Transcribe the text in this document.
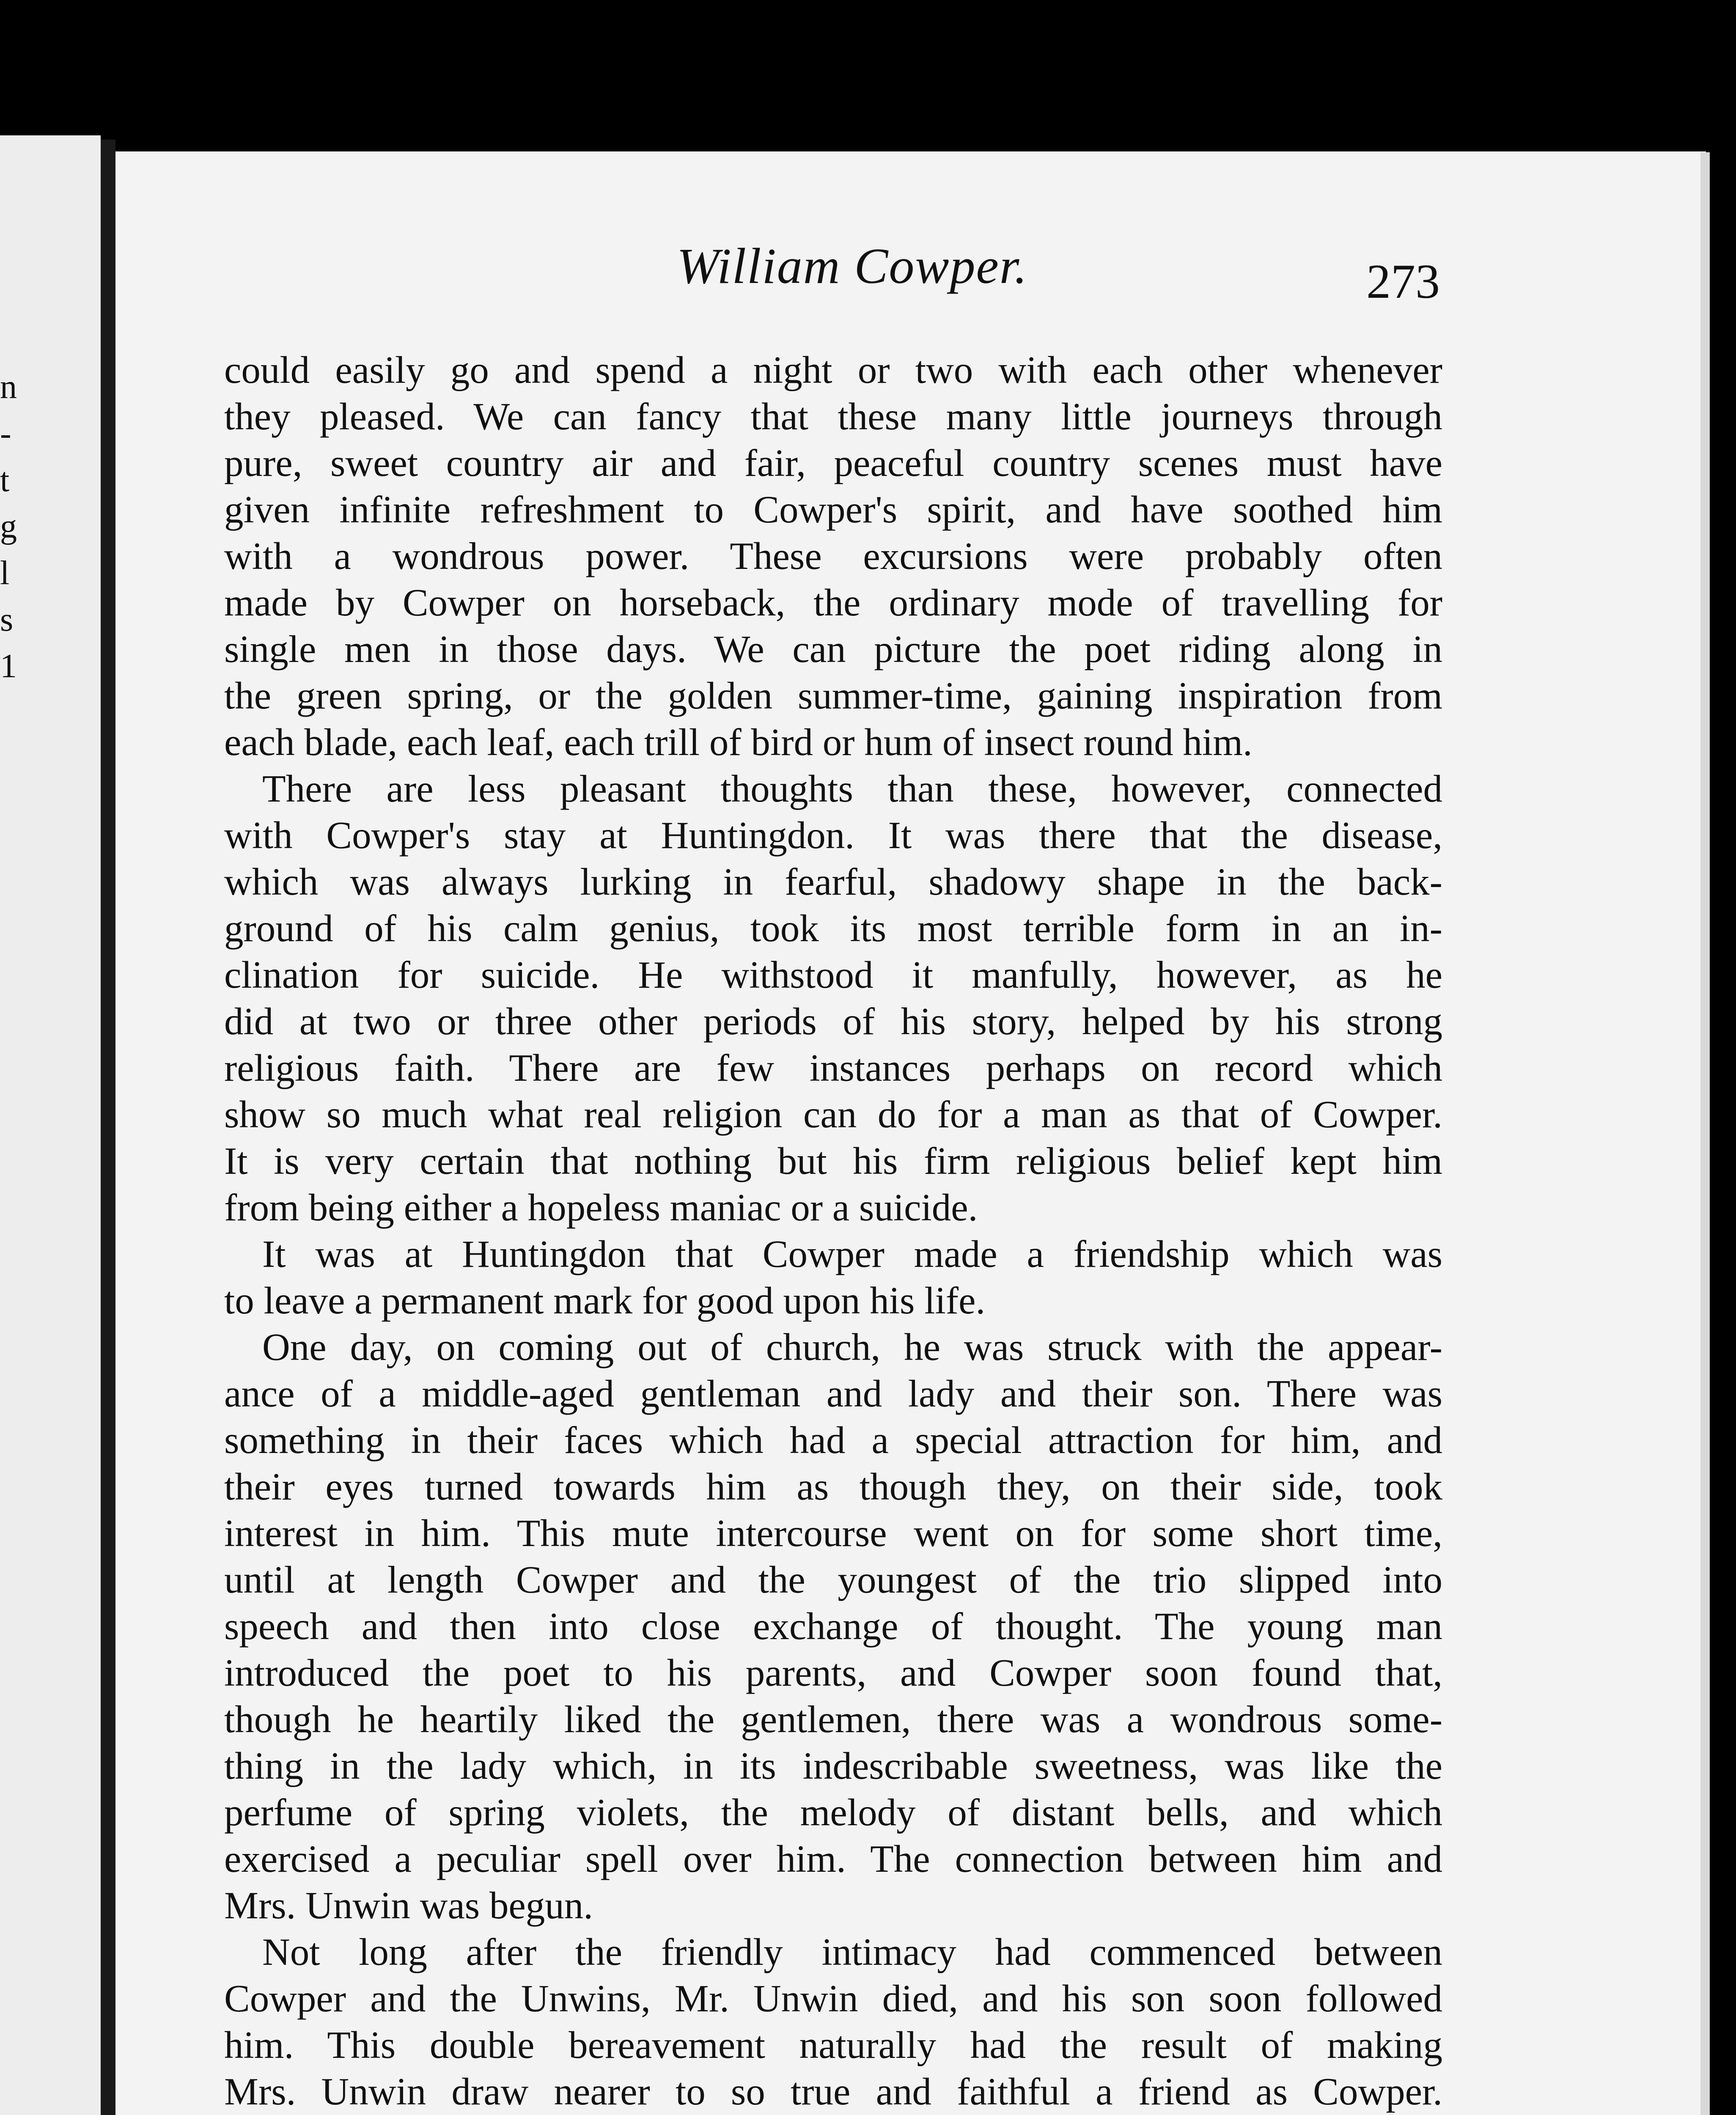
n
-
t
g
l
s
1
William Cowper.	273
could easily go and spend a night or two with each other whenever
they pleased. We can fancy that these many little journeys through
pure, sweet country air and fair, peaceful country scenes must have
given infinite refreshment to Cowper's spirit, and have soothed him
with a wondrous power. These excursions were probably often
made by Cowper on horseback, the ordinary mode of travelling for
single men in those days. We can picture the poet riding along in
the green spring, or the golden summer-time, gaining inspiration from
each blade, each leaf, each trill of bird or hum of insect round him.
There are less pleasant thoughts than these, however, connected
with Cowper's stay at Huntingdon. It was there that the disease,
which was always lurking in fearful, shadowy shape in the back-
ground of his calm genius, took its most terrible form in an in-
clination for suicide. He withstood it manfully, however, as he
did at two or three other periods of his story, helped by his strong
religious faith. There are few instances perhaps on record which
show so much what real religion can do for a man as that of Cowper.
It is very certain that nothing but his firm religious belief kept him
from being either a hopeless maniac or a suicide.
It was at Huntingdon that Cowper made a friendship which was
to leave a permanent mark for good upon his life.
One day, on coming out of church, he was struck with the appear-
ance of a middle-aged gentleman and lady and their son. There was
something in their faces which had a special attraction for him, and
their eyes turned towards him as though they, on their side, took
interest in him. This mute intercourse went on for some short time,
until at length Cowper and the youngest of the trio slipped into
speech and then into close exchange of thought. The young man
introduced the poet to his parents, and Cowper soon found that,
though he heartily liked the gentlemen, there was a wondrous some-
thing in the lady which, in its indescribable sweetness, was like the
perfume of spring violets, the melody of distant bells, and which
exercised a peculiar spell over him. The connection between him and
Mrs. Unwin was begun.
Not long after the friendly intimacy had commenced between
Cowper and the Unwins, Mr. Unwin died, and his son soon followed
him. This double bereavement naturally had the result of making
Mrs. Unwin draw nearer to so true and faithful a friend as Cowper.
